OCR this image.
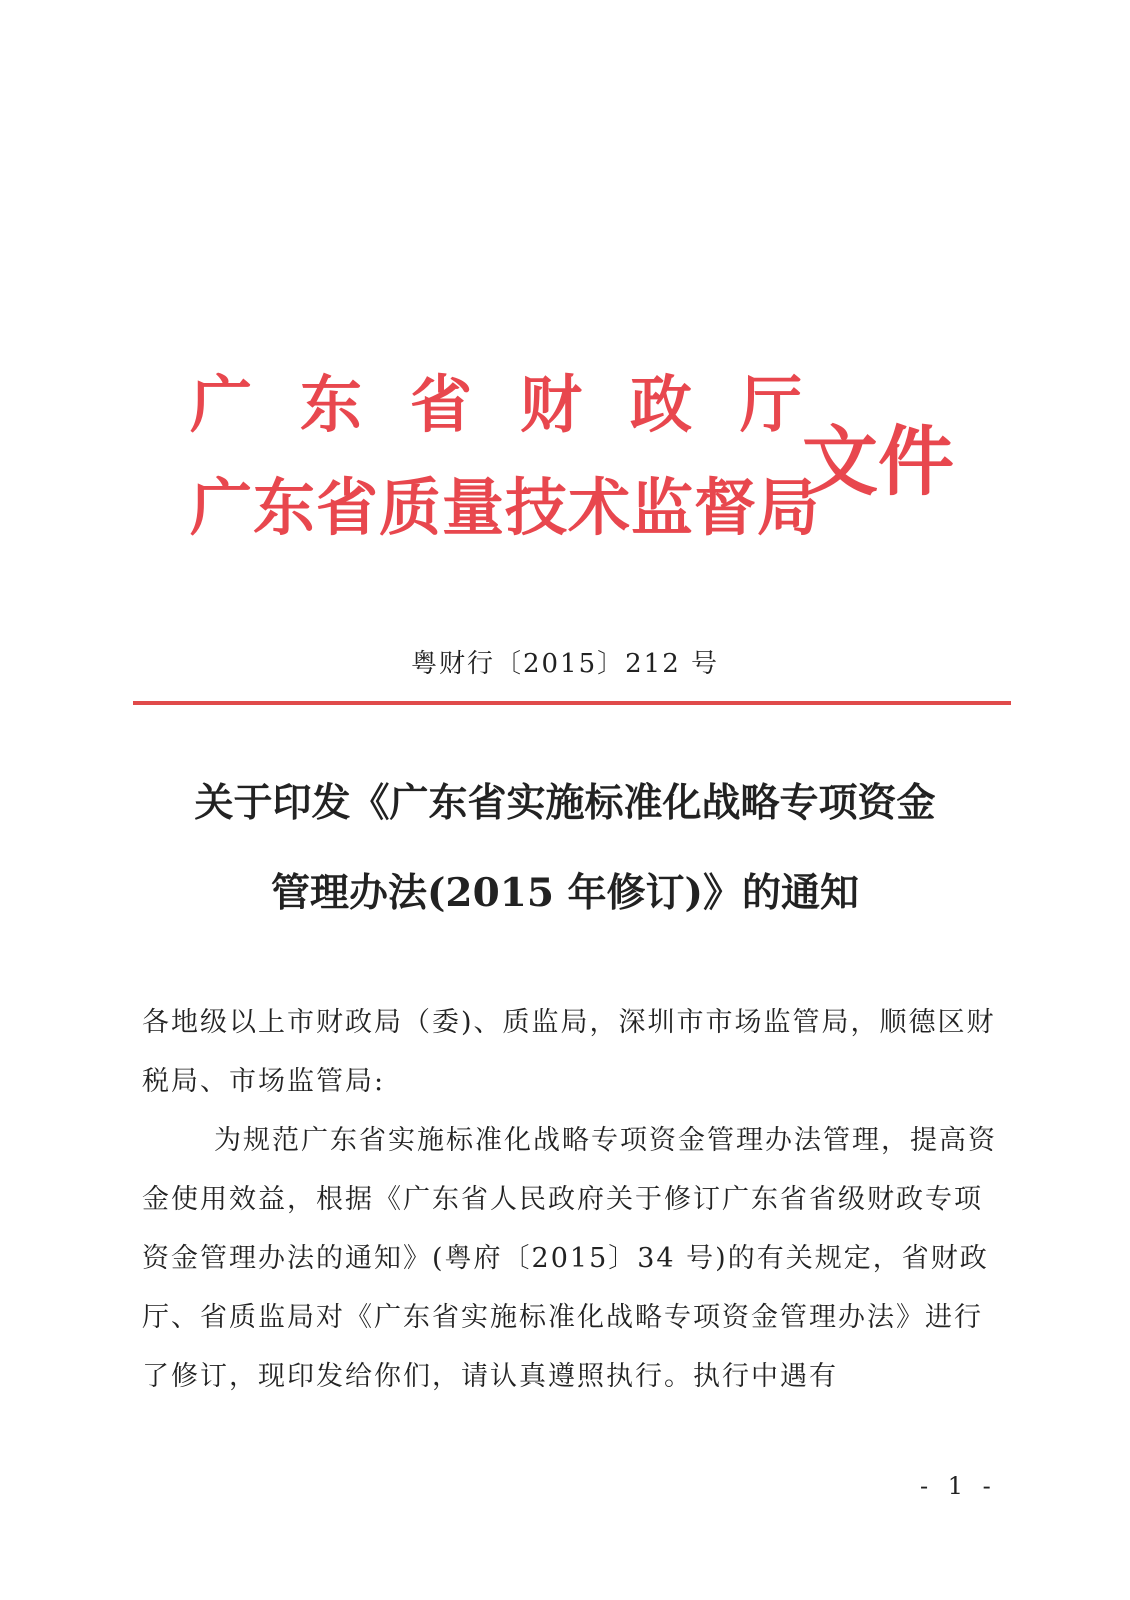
广东省财政厅
广东省质量技术监督局
文件
粤财行〔2015〕212 号
关于印发《广东省实施标准化战略专项资金
管理办法(2015 年修订)》的通知
各地级以上市财政局（委)、质监局，深圳市市场监管局，顺德区财税局、市场监管局:
为规范广东省实施标准化战略专项资金管理办法管理，提高资金使用效益，根据《广东省人民政府关于修订广东省省级财政专项资金管理办法的通知》(粤府〔2015〕34 号)的有关规定，省财政厅、省质监局对《广东省实施标准化战略专项资金管理办法》进行了修订，现印发给你们，请认真遵照执行。执行中遇有
- 1 -
